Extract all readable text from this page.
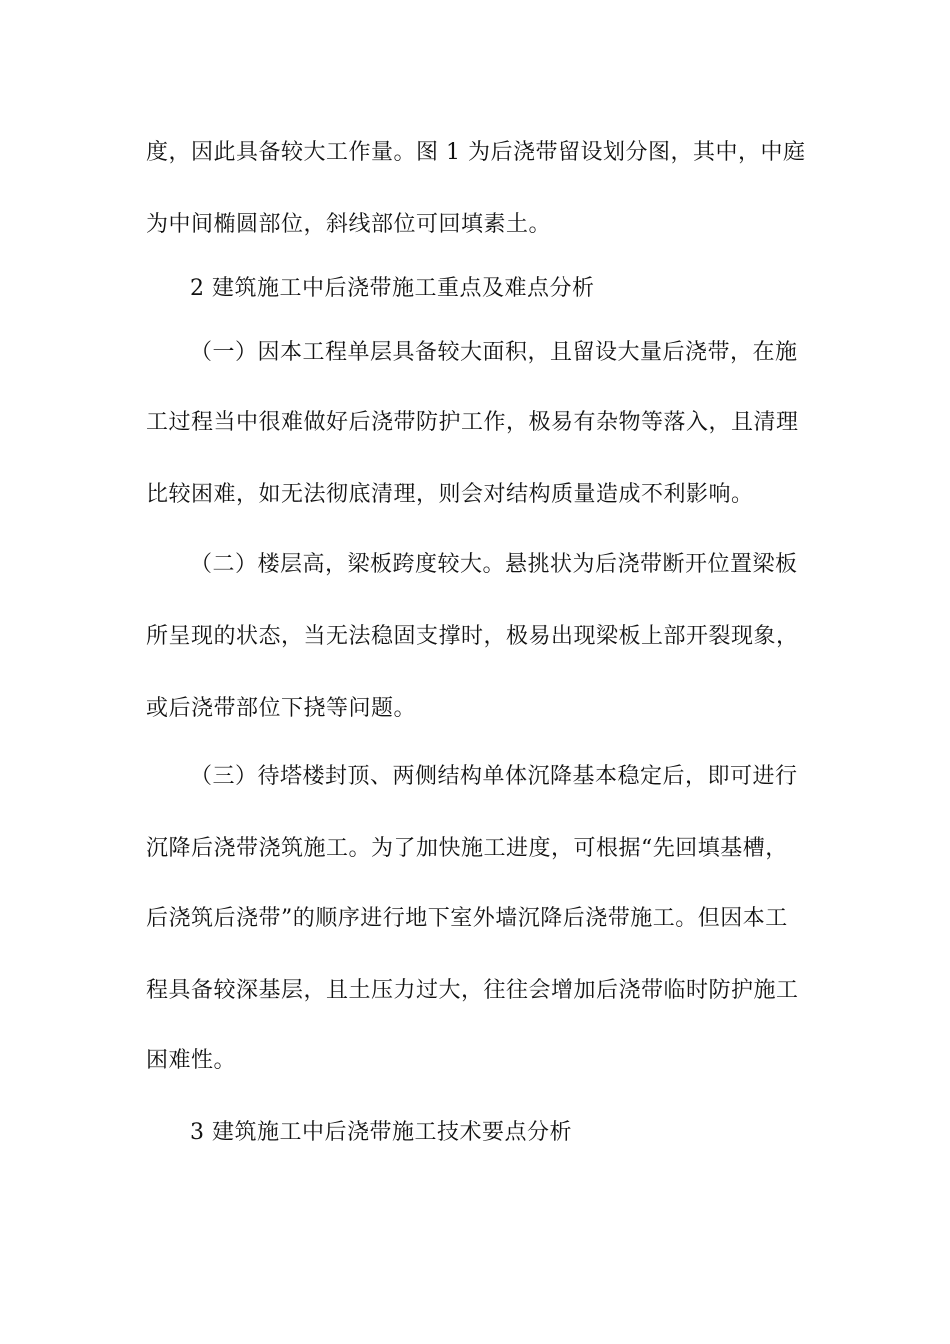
度，因此具备较大工作量。图 1 为后浇带留设划分图，其中，中庭
为中间椭圆部位，斜线部位可回填素土。
2 建筑施工中后浇带施工重点及难点分析
（一）因本工程单层具备较大面积，且留设大量后浇带，在施
工过程当中很难做好后浇带防护工作，极易有杂物等落入，且清理
比较困难，如无法彻底清理，则会对结构质量造成不利影响。
（二）楼层高，梁板跨度较大。悬挑状为后浇带断开位置梁板
所呈现的状态，当无法稳固支撑时，极易出现梁板上部开裂现象，
或后浇带部位下挠等问题。
（三）待塔楼封顶、两侧结构单体沉降基本稳定后，即可进行
沉降后浇带浇筑施工。为了加快施工进度，可根据“先回填基槽，
后浇筑后浇带”的顺序进行地下室外墙沉降后浇带施工。但因本工
程具备较深基层，且土压力过大，往往会增加后浇带临时防护施工
困难性。
3 建筑施工中后浇带施工技术要点分析
